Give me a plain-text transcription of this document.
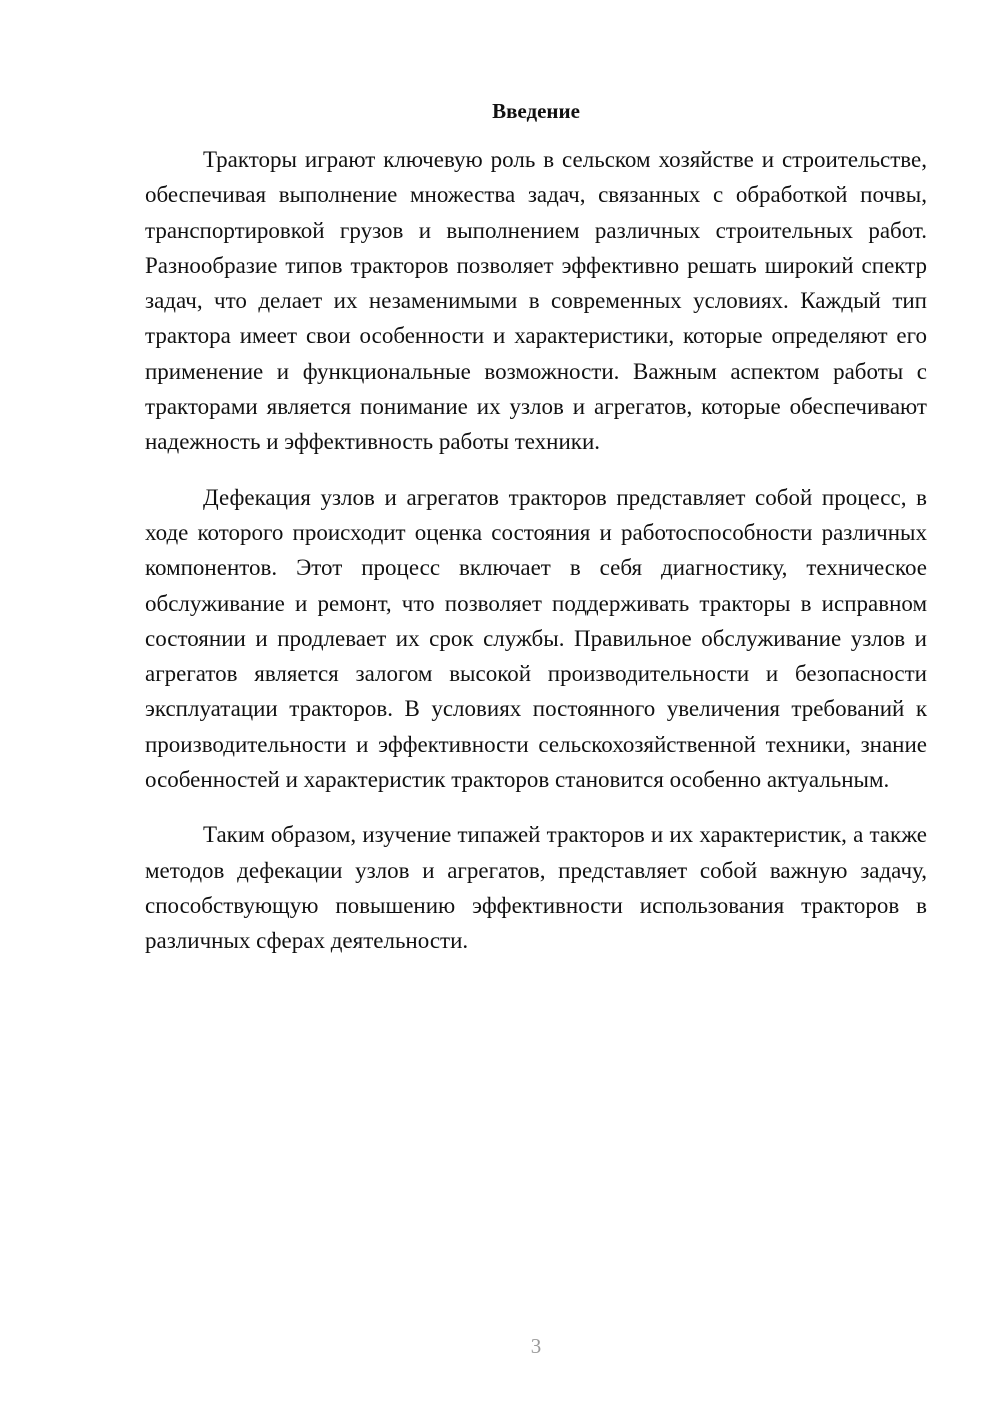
Введение

Тракторы играют ключевую роль в сельском хозяйстве и строительстве, обеспечивая выполнение множества задач, связанных с обработкой почвы, транспортировкой грузов и выполнением различных строительных работ. Разнообразие типов тракторов позволяет эффективно решать широкий спектр задач, что делает их незаменимыми в современных условиях. Каждый тип трактора имеет свои особенности и характеристики, которые определяют его применение и функциональные возможности. Важным аспектом работы с тракторами является понимание их узлов и агрегатов, которые обеспечивают надежность и эффективность работы техники.

Дефекация узлов и агрегатов тракторов представляет собой процесс, в ходе которого происходит оценка состояния и работоспособности различных компонентов. Этот процесс включает в себя диагностику, техническое обслуживание и ремонт, что позволяет поддерживать тракторы в исправном состоянии и продлевает их срок службы. Правильное обслуживание узлов и агрегатов является залогом высокой производительности и безопасности эксплуатации тракторов. В условиях постоянного увеличения требований к производительности и эффективности сельскохозяйственной техники, знание особенностей и характеристик тракторов становится особенно актуальным.

Таким образом, изучение типажей тракторов и их характеристик, а также методов дефекации узлов и агрегатов, представляет собой важную задачу, способствующую повышению эффективности использования тракторов в различных сферах деятельности.

3
